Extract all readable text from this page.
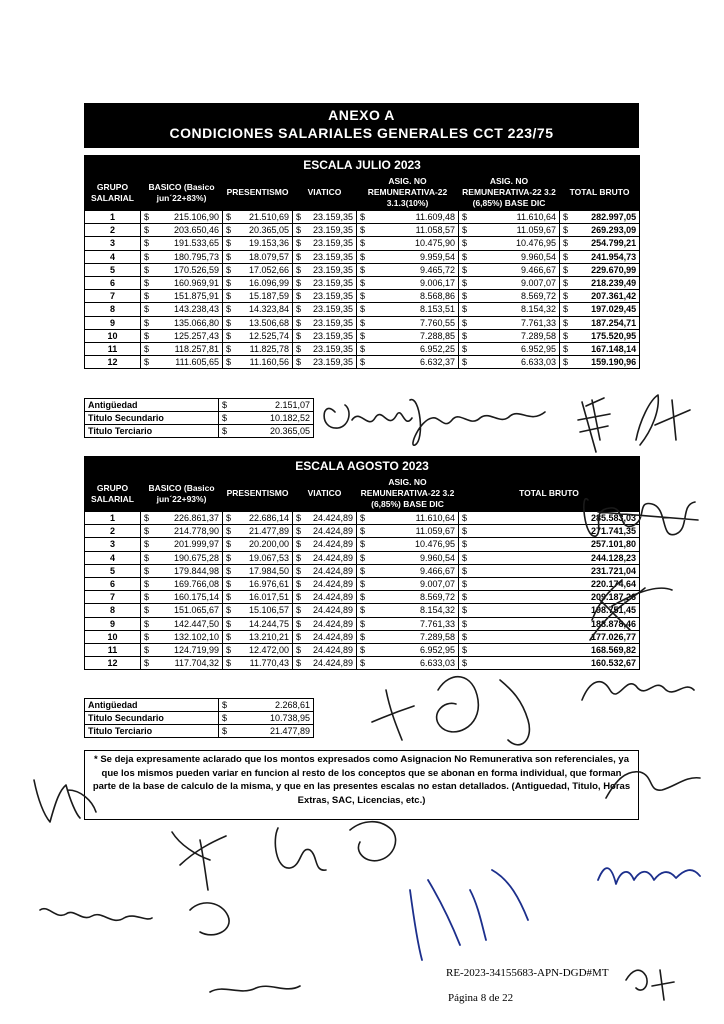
ANEXO A
CONDICIONES SALARIALES GENERALES CCT 223/75
ESCALA JULIO 2023												
GRUPO SALARIAL	BASICO (Basico jun´22+83%)		PRESENTISMO		VIATICO		ASIG. NO REMUNERATIVA-22 3.1.3(10%)		ASIG. NO REMUNERATIVA-22 3.2 (6,85%) BASE DIC		TOTAL BRUTO	
1	$	215.106,90	$	21.510,69	$	23.159,35	$	11.609,48	$	11.610,64	$	282.997,05
2	$	203.650,46	$	20.365,05	$	23.159,35	$	11.058,57	$	11.059,67	$	269.293,09
3	$	191.533,65	$	19.153,36	$	23.159,35	$	10.475,90	$	10.476,95	$	254.799,21
4	$	180.795,73	$	18.079,57	$	23.159,35	$	9.959,54	$	9.960,54	$	241.954,73
5	$	170.526,59	$	17.052,66	$	23.159,35	$	9.465,72	$	9.466,67	$	229.670,99
6	$	160.969,91	$	16.096,99	$	23.159,35	$	9.006,17	$	9.007,07	$	218.239,49
7	$	151.875,91	$	15.187,59	$	23.159,35	$	8.568,86	$	8.569,72	$	207.361,42
8	$	143.238,43	$	14.323,84	$	23.159,35	$	8.153,51	$	8.154,32	$	197.029,45
9	$	135.066,80	$	13.506,68	$	23.159,35	$	7.760,55	$	7.761,33	$	187.254,71
10	$	125.257,43	$	12.525,74	$	23.159,35	$	7.288,85	$	7.289,58	$	175.520,95
11	$	118.257,81	$	11.825,78	$	23.159,35	$	6.952,25	$	6.952,95	$	167.148,14
12	$	111.605,65	$	11.160,56	$	23.159,35	$	6.632,37	$	6.633,03	$	159.190,96
Antigüedad	$	2.151,07
Titulo Secundario	$	10.182,52
Titulo Terciario	$	20.365,05
ESCALA AGOSTO 2023										
GRUPO SALARIAL	BASICO (Basico jun´22+93%)		PRESENTISMO		VIATICO		ASIG. NO REMUNERATIVA-22 3.2 (6,85%) BASE DIC		TOTAL BRUTO	
1	$	226.861,37	$	22.686,14	$	24.424,89	$	11.610,64	$	285.583,03
2	$	214.778,90	$	21.477,89	$	24.424,89	$	11.059,67	$	271.741,35
3	$	201.999,97	$	20.200,00	$	24.424,89	$	10.476,95	$	257.101,80
4	$	190.675,28	$	19.067,53	$	24.424,89	$	9.960,54	$	244.128,23
5	$	179.844,98	$	17.984,50	$	24.424,89	$	9.466,67	$	231.721,04
6	$	169.766,08	$	16.976,61	$	24.424,89	$	9.007,07	$	220.174,64
7	$	160.175,14	$	16.017,51	$	24.424,89	$	8.569,72	$	209.187,26
8	$	151.065,67	$	15.106,57	$	24.424,89	$	8.154,32	$	198.751,45
9	$	142.447,50	$	14.244,75	$	24.424,89	$	7.761,33	$	188.878,46
10	$	132.102,10	$	13.210,21	$	24.424,89	$	7.289,58	$	177.026,77
11	$	124.719,99	$	12.472,00	$	24.424,89	$	6.952,95	$	168.569,82
12	$	117.704,32	$	11.770,43	$	24.424,89	$	6.633,03	$	160.532,67
Antigüedad	$	2.268,61
Titulo Secundario	$	10.738,95
Titulo Terciario	$	21.477,89
* Se deja expresamente aclarado que los montos expresados como Asignacion No Remunerativa son referenciales, ya que los mismos pueden variar en funcion al resto de los conceptos que se abonan en forma individual, que forman parte de la base de calculo de la misma, y que en las presentes escalas no estan detallados. (Antiguedad, Titulo, Horas Extras, SAC, Licencias, etc.)
RE-2023-34155683-APN-DGD#MT
Página 8 de 22
